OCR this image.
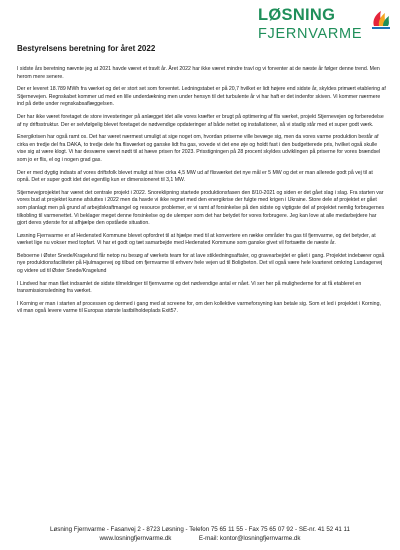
LØSNING
FJERNVARME
Bestyrelsens beretning for året 2022

I sidste års beretning nævnte jeg at 2021 havde været et travlt år. Året 2022 har ikke været mindre travl og vi forventer at de næste år følger denne trend. Men herom mere senere.

Der er leveret 18.789 MWh fra værket og det er stort set som forventet. Ledningstabet er på 20,7 hvilket er lidt højere end sidste år, skyldes primært etablering af Stjernevejen. Regnskabet kommer ud med en lille underdækning men under hensyn til det turbulente år vi har haft er det indenfor skiven. Vi kommer nærmere ind på dette under regnskabsaflæggelsen.

Der har ikke været foretaget de store investeringer på anlægget idet alle vores kræfter er brugt på optimering af flis værket, projekt Stjernevejen og forberedelse af ny driftsstruktur. Der er selvfølgelig blevet foretaget de nødvendige opdateringer af både nettet og installationer, så vi stadig står med et super godt værk.

Energikrisen har også ramt os. Det har været nærmest umuligt at sige noget om, hvordan priserne ville bevæge sig, men da vores varme produktion består af cirka en tredje del fra DAKA, to tredje dele fra flisværket og ganske lidt fra gas, vovede vi det ene øje og holdt fast i den budgetterede pris, hvilket også skulle vise sig at være klogt. Vi har desværre været nødt til at hæve prisen for 2023. Prisstigningen på 28 procent skyldes udviklingen på priserne for vores brændsel som jo er flis, el og i nogen grad gas.

Der er med dygtig indsats af vores driftsfolk blevet muligt at hive cirka 4,5 MW ud af flisværket det nye mål er 5 MW og det er man allerede godt på vej til at opnå. Det er super godt idet det egentlig kun er dimensioneret til 3,1 MW.

Stjernevejprojektet har været det centrale projekt i 2022. Snoreklipning startede produktionsfasen den 8/10-2021 og siden er det gået slag i slag. Fra starten var vores bud at projektet kunne afsluttes i 2022 men da havde vi ikke regnet med den energikrise der fulgte med krigen i Ukraine. Store dele af projektet er gået som planlagt men på grund af arbejdskraftmangel og resource problemer, er vi ramt af forsinkelse på den sidste og vigtigste del af projektet nemlig forbrugernes tilkobling til varmenettet. Vi beklager meget denne forsinkelse og de ulemper som det har betydet for vores forbrugere. Jeg kan love at alle medarbejdere har gjort deres yderste for at afhjælpe den opståede situation.

Løsning Fjernvarme er af Hedensted Kommune blevet opfordret til at hjælpe med til at konvertere en række områder fra gas til fjernvarme, og det betyder, at værket lige nu vokser med topfart. Vi har et godt og tæt samarbejde med Hedensted Kommune som ganske givet vil fortsætte de næste år.

Beboerne i Øster Snede/Kragelund får netop nu besøg af værkets team for at lave stikledningsaftaler, og gravearbejdet er gået i gang. Projektet indebærer også nye produktionsfaciliteter på Hjulmagervej og tilbud om fjernvarme til erhverv hele vejen ud til Boligbeton. Det vil også være hele kvarteret omkring Lundagervej og videre ud til Øster Snede/Kragelund

I Lindved har man fået indsamlet de sidste tilmeldinger til fjernvarme og det nødvendige antal er nået. Vi ser her på mulighederne for at få etableret en transmissionsledning fra værket.

I Korning er man i starten af processen og dermed i gang med at screene for, om den kollektive varmeforsyning kan betale sig. Som et led i projektet i Korning, vil man også levere varme til Europas største lastbilholdeplads Exit57.

Løsning Fjernvarme - Fasanvej 2 - 8723 Løsning - Telefon 75 65 11 55 - Fax 75 65 07 92 - SE-nr. 41 52 41 11
www.losningfjernvarme.dk                E-mail: kontor@losningfjernvarme.dk
